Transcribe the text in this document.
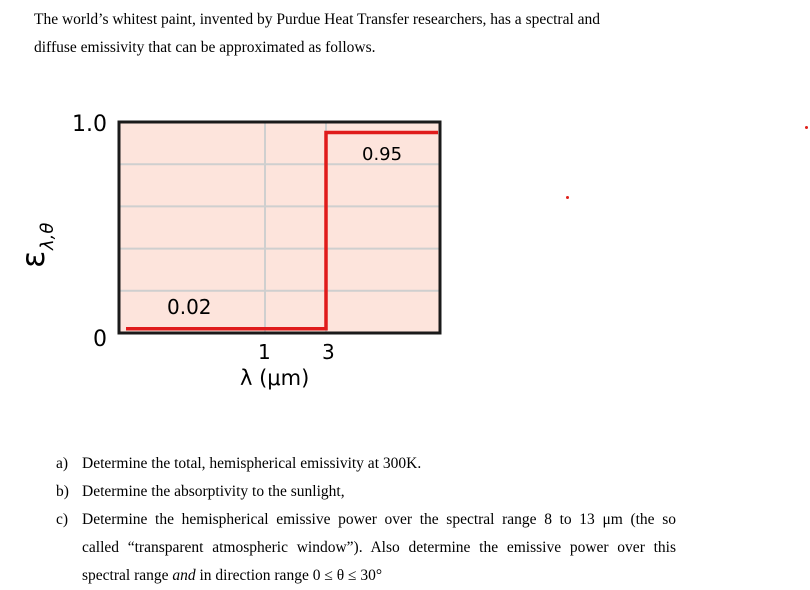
The world’s whitest paint, invented by Purdue Heat Transfer researchers, has a spectral and
diffuse emissivity that can be approximated as follows.
1.0
0
0.02
0.95
1	3
λ (μm)
ε
λ,θ
a) Determine the total, hemispherical emissivity at 300K.
b) Determine the absorptivity to the sunlight,
c) Determine the hemispherical emissive power over the spectral range 8 to 13 μm (the so
called “transparent atmospheric window”). Also determine the emissive power over this
spectral range and in direction range 0 ≤ θ ≤ 30°
